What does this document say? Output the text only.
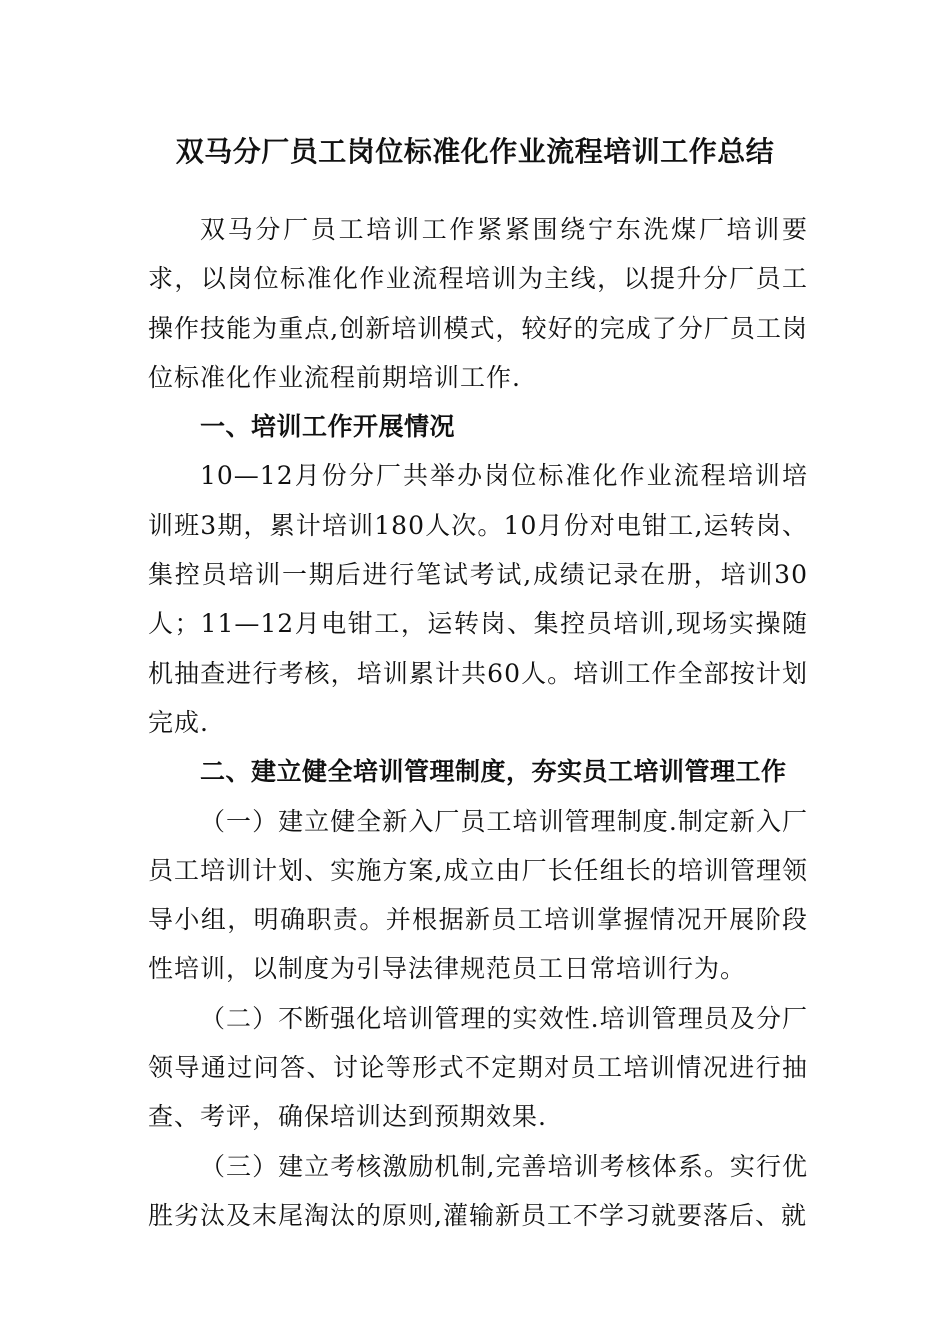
双马分厂员工岗位标准化作业流程培训工作总结

双马分厂员工培训工作紧紧围绕宁东洗煤厂培训要求，以岗位标准化作业流程培训为主线，以提升分厂员工操作技能为重点,创新培训模式，较好的完成了分厂员工岗位标准化作业流程前期培训工作.

一、培训工作开展情况

10—12月份分厂共举办岗位标准化作业流程培训培训班3期，累计培训180人次。10月份对电钳工,运转岗、集控员培训一期后进行笔试考试,成绩记录在册，培训30人；11—12月电钳工，运转岗、集控员培训,现场实操随机抽查进行考核，培训累计共60人。培训工作全部按计划完成.

二、建立健全培训管理制度，夯实员工培训管理工作

（一）建立健全新入厂员工培训管理制度.制定新入厂员工培训计划、实施方案,成立由厂长任组长的培训管理领导小组，明确职责。并根据新员工培训掌握情况开展阶段性培训，以制度为引导法律规范员工日常培训行为。

（二）不断强化培训管理的实效性.培训管理员及分厂领导通过问答、讨论等形式不定期对员工培训情况进行抽查、考评，确保培训达到预期效果.

（三）建立考核激励机制,完善培训考核体系。实行优胜劣汰及末尾淘汰的原则,灌输新员工不学习就要落后、就
